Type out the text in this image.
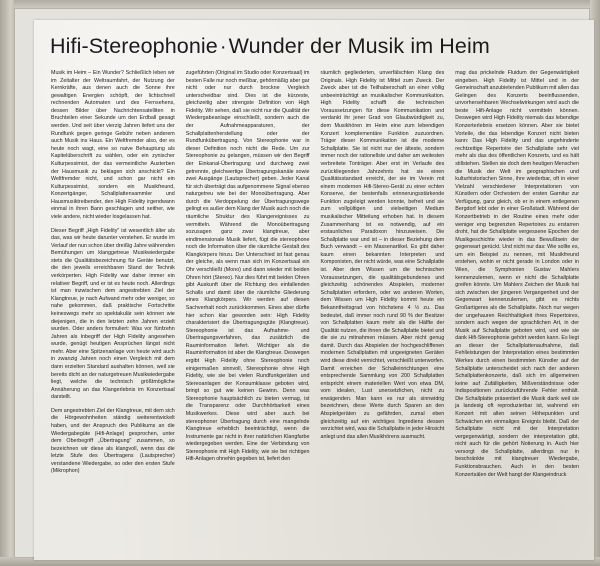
Hifi-Stereophonie ·Wunder der Musik im Heim

Musik im Heim – Ein Wunder? Schließlich leben wir im Zeitalter der Weltraumfahrt, der Nutzung der Kernkräfte, aus denen auch die Sonne ihre gewaltigen Energien schöpft, der lichtschnell rechnenden Automaten und des Fernsehens, dessen Bilder über Nachrichtensatelliten in Bruchteilen einer Sekunde um den Erdball gesagt werden. Und seit über vierzig Jahren liefert uns der Rundfunk gegen geringe Gebühr neben anderem auch Musik ins Haus. Ein Weltfremder also, der es heute noch wagt, eine so naive Behauptung als Kapitelüberschrift zu wählen, oder ein zynischer Kulturpessimist, der das vermeintliche Austerben der Hausmusik zu beklagen sich anschickt? Ein Weltfremder nicht, und schon gar nicht ein Kulturpessimist, sondern ein Musikfreund, Konzertgänger, Schallplattensammler und Hausmusiktreibender, den High Fidelity irgendwann einmal in ihren Bann geschlagen und seither, wie viele andere, nicht wieder losgelassen hat.

Dieser Begriff „High Fidelity" ist wesentlich älter als das, was wir heute darunter verstehen. Er wurde im Verlauf der nun schon über dreißig Jahre währenden Bemühungen um klanggetreue Musikwiedergabe stets die Qualitätsbezeichnung für Geräte benutzt, die den jeweils erreichbaren Stand der Technik verkörperten. High Fidelity war daher immer ein relativer Begriff, und er ist es heute noch. Allerdings ist man inzwischen dem angestrebten Ziel der Klangtreue, je nach Aufwand mehr oder weniger, so nahe gekommen, daß praktische Fortschritte keineswegs mehr so spektakulär sein können wie diejenigen, die in den letzten zehn Jahren erzielt wurden. Oder anders formuliert: Was vor fünfzehn Jahren als Inbegriff der High Fidelity angesehen wurde, genügt heutigen Ansprüchen längst nicht mehr. Aber eine Spitzenanlage von heute wird auch in zwanzig Jahren noch einen Vergleich mit dem dann erzielten Standard aushalten können, weil sie bereits dicht an der naturgetreuen Musikwiedergabe liegt, welche die technisch größtmögliche Annäherung an das Klangerlebnis im Konzertsaal darstellt.

Dem angestrebten Ziel der Klangtreue, mit dem sich die Hörgewohnheiten ständig weiterentwickelt haben, und der Anspruch des Publikums an die Wiedergabegüte (Hifi-Anlage) gesprochen, unter dem Oberbegriff „Übertragung" zusammen, so bezeichnen wir diese als klangvoll, wenn das die letzte Stufe des Übertragens (Lautsprecher) verstandene Wiedergabe, so oder den ersten Stufe (Mikrophon)

zugeführten (Original im Studio oder Konzertsaal) im besten Falle nur noch meßbar, gehörmäßig aber gar nicht oder nur durch brockne Vergleich unterscheidbar sind. Dies ist die kürzeste, gleichzeitig aber strengste Definition von High Fidelity. Wir sehen, daß sie nicht nur die Qualität der Wiedergabeanlage einschließt, sondern auch die der Aufnahmeapparaturen, der Schallplattenherstellung oder der Rundfunkübertragung. Von Stereophonie war in dieser Definition noch nicht die Rede. Um zur Stereophonie zu gelangen, müssen wir den Begriff der Einkanal-Übertragung und durchweg zwei getrennte, gleichwertige Übertragungskanäle sowie zwei Ausgänge (Lautsprecher) geben. Jeder Kanal für sich überträgt das aufgenommene Signal ebenso naturgetreu wie bei der Monoübertragung. Aber durch die Verdoppelung der Übertragungswege gelingt es außer dem Klang der Musik auch noch die räumliche Struktur des Klangereignisses zu vermitteln. Während die Monoübertragung sozusagen ganz zwar klangtreue, aber eindimensionale Musik liefert, fügt die stereophone noch die Information über die räumliche Gestalt des Klangkörpers hinzu. Der Unterschied ist fast genau der gleiche, als wenn man sich im Konzertsaal ein Ohr verschließt (Mono) und dann wieder mit beiden Ohren hört (Stereo). Nur dies führt mit beiden Ohren gibt Auskunft über die Richtung des einfallenden Schalls und damit über die räumliche Gliederung eines Klangkörpers. Wir werden auf diesen Sachverhalt noch zurückkommen. Eines aber dürfte hier schon klar geworden sein: High Fidelity charakterisiert die Übertragungsgüte (Klangtreue). Stereophonie ist das Aufnahme- und Übertragungsverfahren, das zusätzlich die Rauminformation liefert. Wichtiger als die Rauminformation ist aber die Klangtreue. Deswegen ergibt High Fidelity ohne Stereophonie noch einigermaßen sinnvoll, Stereophonie ohne High Fidelity, wie sie bei vielen Rundfunkgeräten und Stereoanlagen der Konsumklasse geboten wird, bringt so gut wie keinen Gewinn. Denn was Stereophonie hauptsächlich zu bieten vermag, ist die Transparenz oder Durchhörbarkeit eines Musikwerkes. Diese wird aber auch bei stereophoner Übertragung durch eine mangelnde Klangtreue erheblich beeinträchtigt, wenn die Instrumente gar nicht in ihrer natürlichen Klangfarbe wiedergegeben werden. Eine der Verbindung von Stereophonie mit High Fidelity, wie sie bei richtigen Hifi-Anlagen ohnehin gegeben ist, liefert den

räumlich gegliederten, unverfälschten Klang des Originals. High Fidelity ist Mittel zum Zweck. Der Zweck aber ist die Teilhaberschaft an einer völlig unbeeinträchtigt an musikalischer Kommunikation. High Fidelity schafft die technischen Voraussetzungen für diese Kommunikation und verdankt ihr jener Grad von Glaubwürdigkeit zu, dem Musikhören im Heim eine zum lebendigen Konzert komplementäre Funktion zuzuordnen. Träger dieser Kommunikation ist die moderne Schallplatte. Sie ist nicht nur der älteste, sondern immer noch der rationellste und daher am weitesten verbreitete Tonträger. Aber erst im Verlaufe des zurückliegenden Jahrzehnts hat sie einen Qualitätsstandard erreicht, der sie im Verein mit einem modernen Hifi-Stereo-Gerät zu einer echten Konserve, der bestenfalls erinnerungsstärkende Funktion zugeleigt werden konnte, befreit und sie zum vollgültigen und vielseitigen Medium musikalischer Mitteilung erhoben hat. In diesem Zusammenhang ist es notwendig, auf ein erstaunliches Paradoxon hinzuweisen. Die Schallplatte war und ist – in dieser Beziehung dem Buch verwandt – ein Massenartikel. Es gibt daher kaum einen bekannten Interpreten und Komponisten, der nicht würde, was eine Schallplatte ist. Aber dem Wissen um die technischen Voraussetzungen, die qualitätsgebundenes und gleichzeitig schönendes Abspielen, moderner Schallplatten erfordern, oder wo anderen Worten, dem Wissen um High Fidelity kommt heute ein Bekanntheitsgrad von höchstens 4 ½ zu. Das bedeutet, daß immer noch rund 90 % der Besitzer von Schallplatten kaum mehr als die Hälfte der Qualität nutzen, die ihnen die Schallplatte bietet und die sie zu mitnahmen müssen. Aber nicht genug damit. Durch das Abspielen der hochgeschliffenen modernen Schallplatten mit ungeeigneten Geräten wird diese direkt vernichtet, verschleißt unterworfen. Damit erreichen der Schalleinrichtungen eine entsprechende Sammlung von 200 Schallplatten entspricht einem materiellen Wert von etwa DM, vom idealen, Lust unersetzlichen, nicht zu erwägenden. Man kann es nur als sinnwidrig bezeichnen, diese Werte durch Sparen an den Abspielgeräten zu gefährden, zumal eben gleichzeitig auf ein wichtiges Ingrediens dessen verzichtet wird, was die Schallplatte in jeder Hinsicht anlegt und das allen Musikhörens ausmacht.

mag das prickelnde Fluidum der Gegenwärtigkeit eingeben. High Fidelity ist Mittel und in der Gemeinschaft anzubietenden Publikum mit allen das Gelingen des Konzerts beeinflussenden, unvorhersehbaren Wechselwirkungen wird auch die beste Hifi-Anlage nicht vermitteln können. Deswegen wird High Fidelity niemals das lebendige Konzerterlebnis ersetzen können. Aber sie bietet Vorteile, die das lebendige Konzert nicht bieten kann: Das High Fidelity und das ungehinderte rechtzeitige Repertoire der Schallplatte sehr viel mehr als das des öffentlichen Konzerts, und es hält stillstehen. Stellen sie doch dem heutigen Menschen die Musik der Welt im geographischen und kulturhistorischen Sinne, ihre wiederbar, oft in einer Vielzahl verschiedener Interpretationen von Künstlern oder Orchestern der ersten Garnitur zur Verfügung, ganz gleich, ob er in einem entlegenen Bergdorf lebt oder in einer Großstadt. Während der Konzertbetrieb in der Routine eines mehr oder weniger eng begrenzten Repertoires zu erstarren droht, hat die Schallplatte vergessene Epochen der Musikgeschichte wieder in das Bewußtsein der gegenwart gerückt. Und nicht nur das: Wie sollte es, um ein Beispiel zu nennen, mit Musikfreund erstehen, wohin er nicht gerade in London oder in Wien, die Symphonien Gustav Mahlers kennenzulernen, wenn er nicht die Schallplatte greifen könnte. Um Mahlers Zeichen der Musik hat sich zwischen der jüngeren Vergangenheit und der Gegenwart kennenzulernen, gibt es nichts Großartigeres als die Schallplatte. Noch nur wegen der ungehauren Reichhaltigkeit ihres Repertoires, sondern auch wegen der sprachlichen Art, in der Musik auf Schallplatte geboten wird, und wie sie dank Hifi-Stereophonie gehört werden kann. Es liegt an dieser der Schallplattenaufnahme, daß Fehlleistungen der Interpretation eines bestimmten Werkes durch einen bestimmten Künstler auf der Schallplatte unterscheidet sich nach der anderen Schallplattenkonzerte, daß sich im allgemeinen keine auf Zufälligkeiten, Mißverständnisse oder Indispositionen zurückzuführende Fehler enthält. Die Schallplatte präsentiert die Musik dank weil sie ja landesig oft reproduzierbar ist, wahrend ein Konzert mit allen seinen Höhepunkten und Schwächen ein einmaliges Ereignis bleibt. Daß der Schallplatte nicht mit der Interpretation vergegenwärtigt, sondern der interpretation gibt, nicht auch für die gehört Notierung in. Auch hier versorgt die Schallplatte, allerdings nur in beschränkte mit klangtreuer Wiedergabe, Funktionsbrauchen. Auch in den besten Konzertsälen der Welt hangt der Klangeindruck
